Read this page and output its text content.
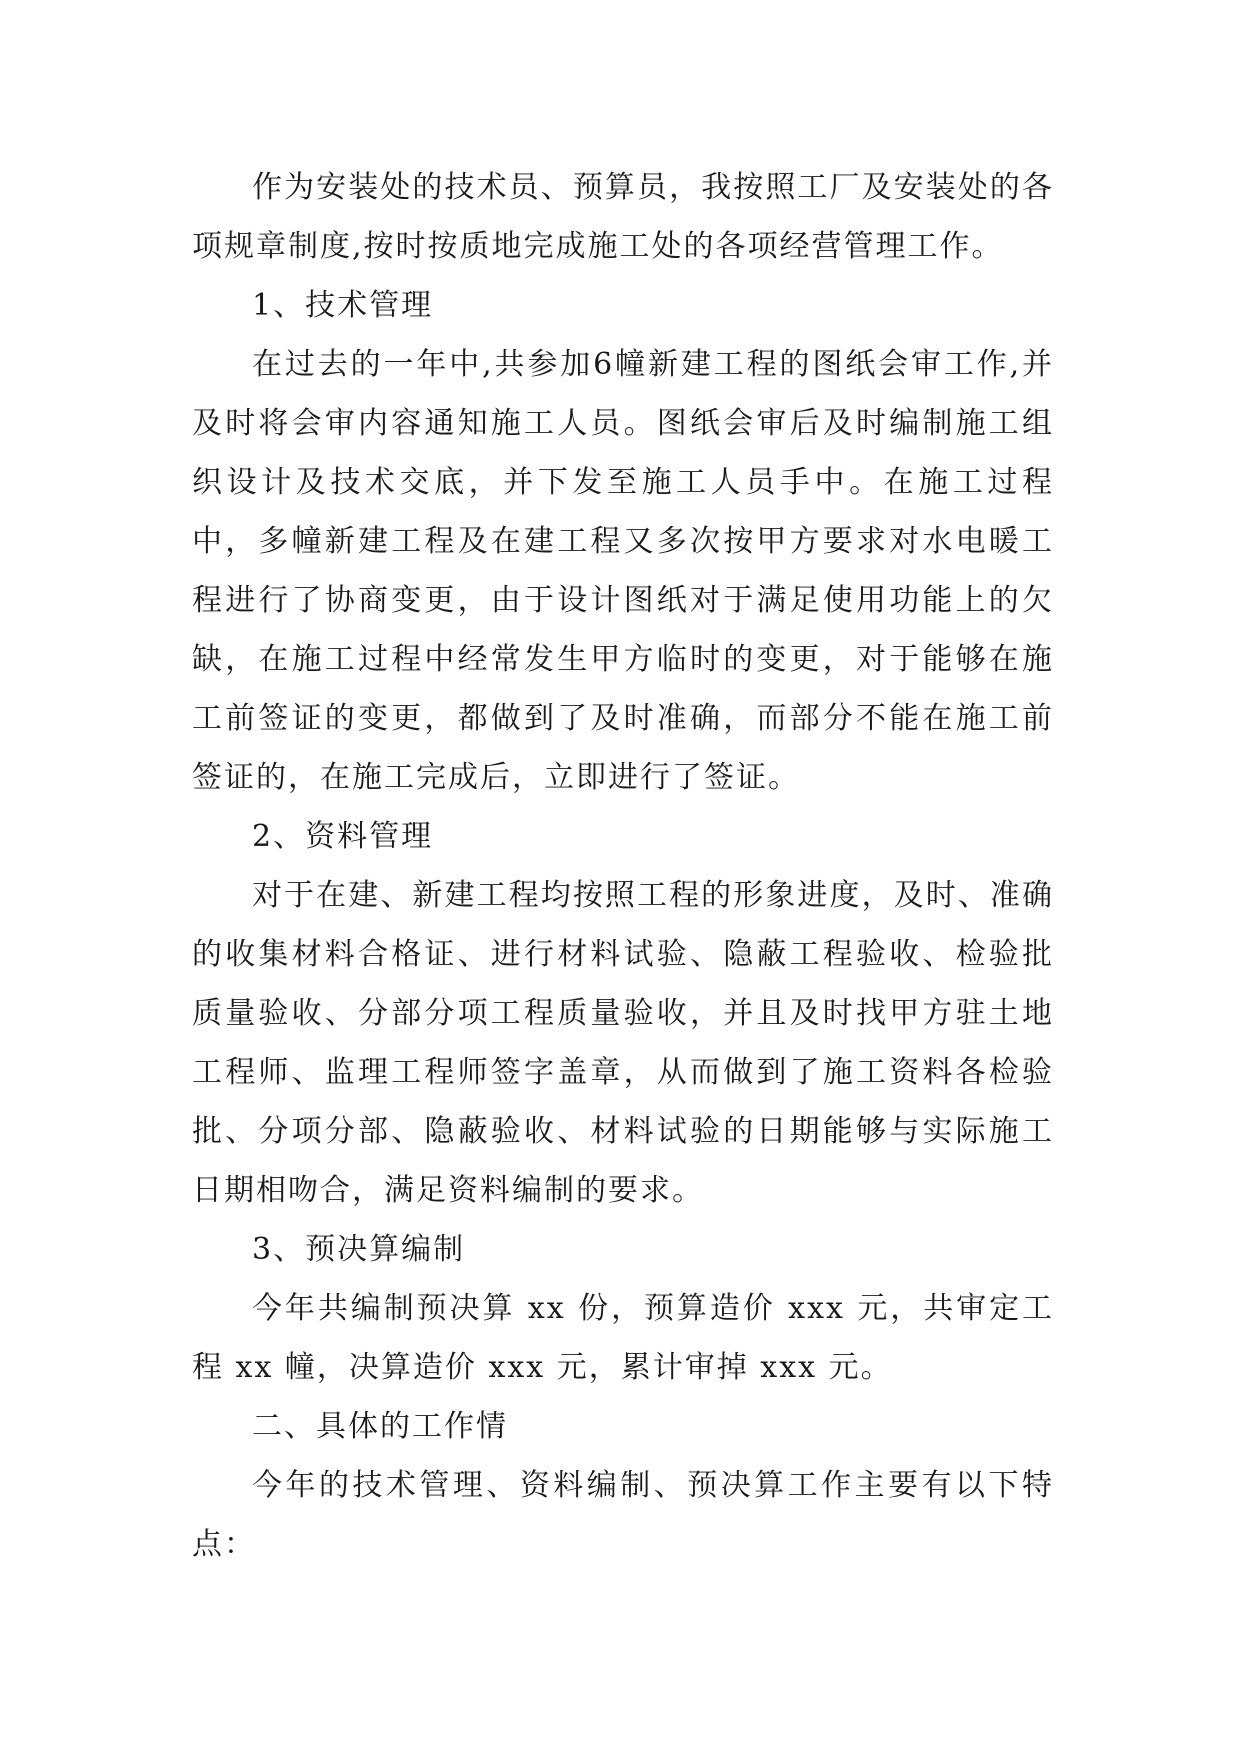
作为安装处的技术员、预算员，我按照工厂及安装处的各项规章制度,按时按质地完成施工处的各项经营管理工作。

1、技术管理

在过去的一年中,共参加6幢新建工程的图纸会审工作,并及时将会审内容通知施工人员。图纸会审后及时编制施工组织设计及技术交底，并下发至施工人员手中。在施工过程中，多幢新建工程及在建工程又多次按甲方要求对水电暖工程进行了协商变更，由于设计图纸对于满足使用功能上的欠缺，在施工过程中经常发生甲方临时的变更，对于能够在施工前签证的变更，都做到了及时准确，而部分不能在施工前签证的，在施工完成后，立即进行了签证。

2、资料管理

对于在建、新建工程均按照工程的形象进度，及时、准确的收集材料合格证、进行材料试验、隐蔽工程验收、检验批质量验收、分部分项工程质量验收，并且及时找甲方驻土地工程师、监理工程师签字盖章，从而做到了施工资料各检验批、分项分部、隐蔽验收、材料试验的日期能够与实际施工日期相吻合，满足资料编制的要求。

3、预决算编制

今年共编制预决算 xx 份，预算造价 xxx 元，共审定工程 xx 幢，决算造价 xxx 元，累计审掉 xxx 元。

二、具体的工作情

今年的技术管理、资料编制、预决算工作主要有以下特点：
